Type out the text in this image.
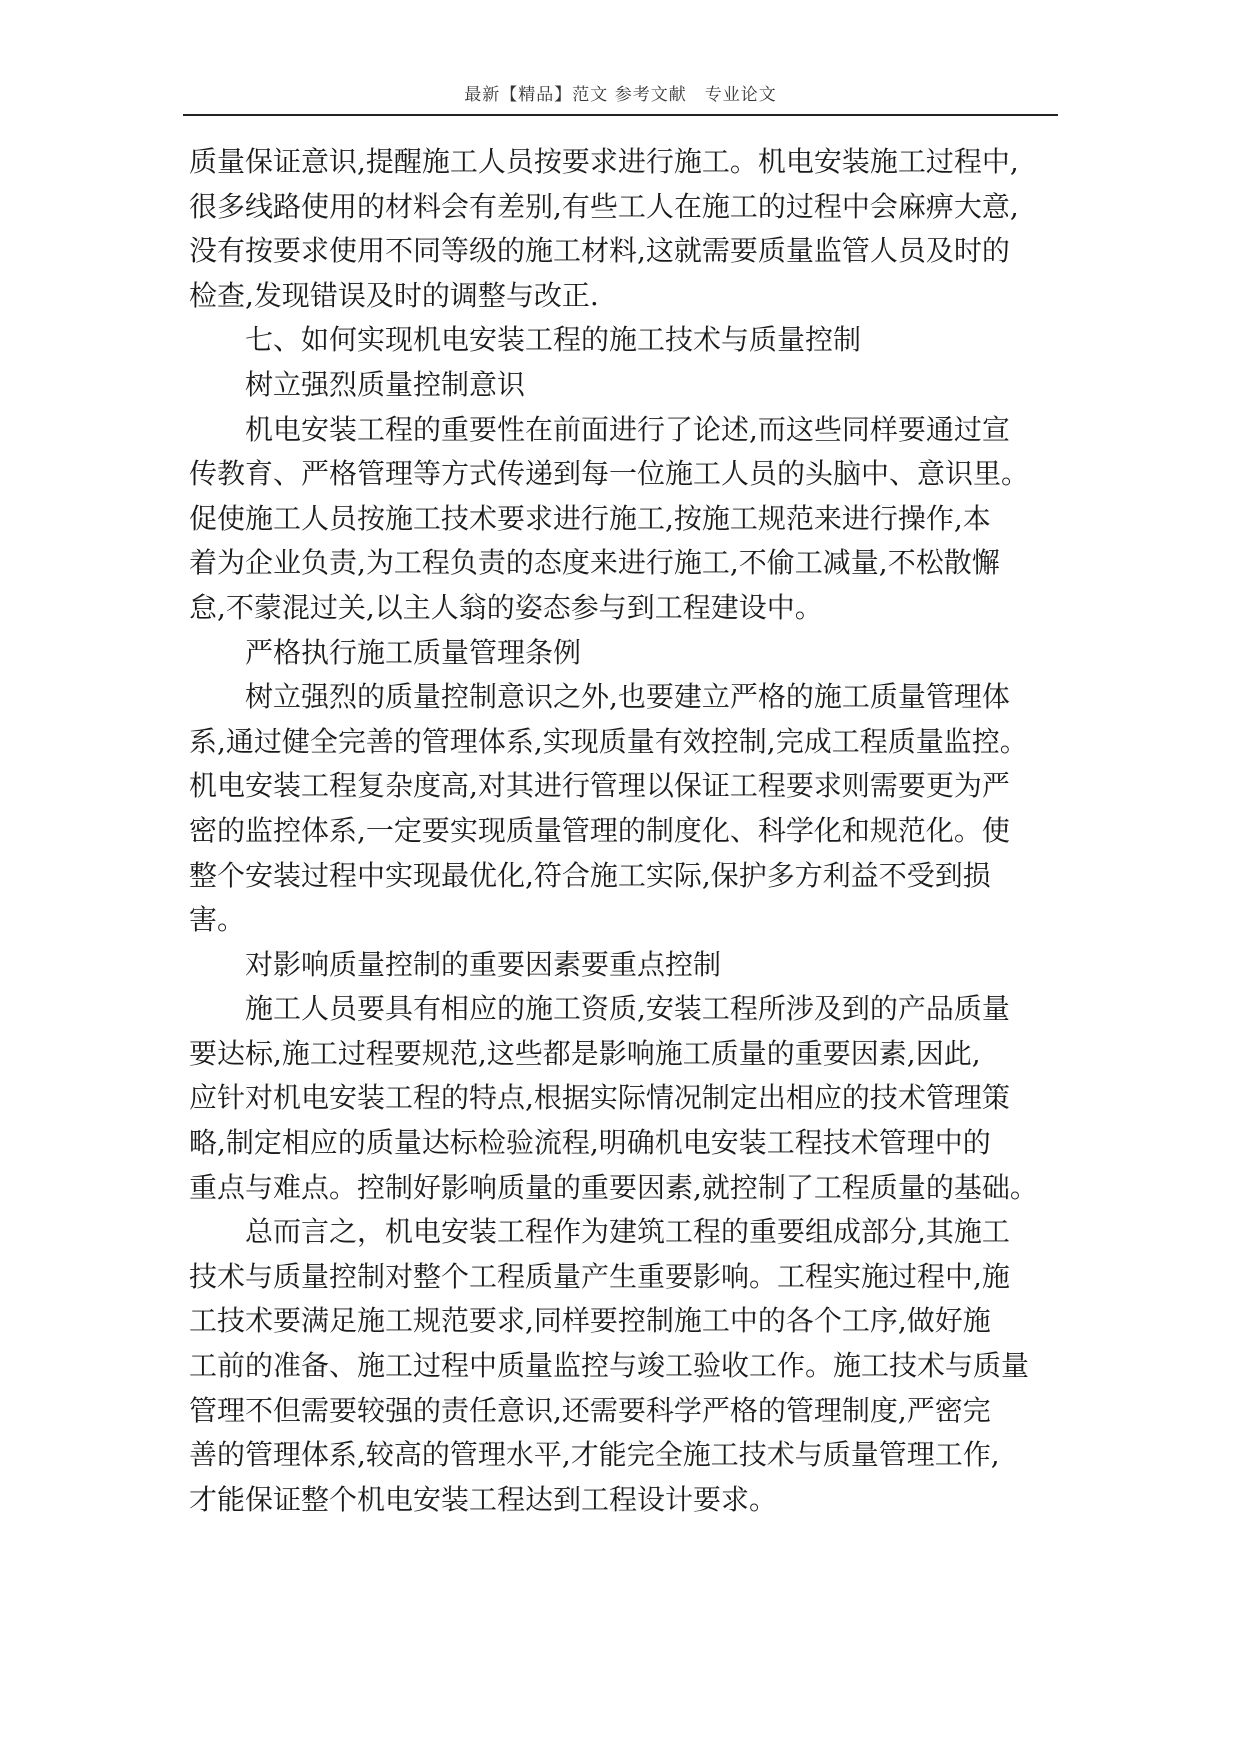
最新【精品】范文 参考文献　专业论文
质量保证意识,提醒施工人员按要求进行施工。机电安装施工过程中,
很多线路使用的材料会有差别,有些工人在施工的过程中会麻痹大意,
没有按要求使用不同等级的施工材料,这就需要质量监管人员及时的
检查,发现错误及时的调整与改正.
七、如何实现机电安装工程的施工技术与质量控制
树立强烈质量控制意识
机电安装工程的重要性在前面进行了论述,而这些同样要通过宣
传教育、严格管理等方式传递到每一位施工人员的头脑中、意识里。
促使施工人员按施工技术要求进行施工,按施工规范来进行操作,本
着为企业负责,为工程负责的态度来进行施工,不偷工减量,不松散懈
怠,不蒙混过关,以主人翁的姿态参与到工程建设中。
严格执行施工质量管理条例
树立强烈的质量控制意识之外,也要建立严格的施工质量管理体
系,通过健全完善的管理体系,实现质量有效控制,完成工程质量监控。
机电安装工程复杂度高,对其进行管理以保证工程要求则需要更为严
密的监控体系,一定要实现质量管理的制度化、科学化和规范化。使
整个安装过程中实现最优化,符合施工实际,保护多方利益不受到损
害。
对影响质量控制的重要因素要重点控制
施工人员要具有相应的施工资质,安装工程所涉及到的产品质量
要达标,施工过程要规范,这些都是影响施工质量的重要因素,因此,
应针对机电安装工程的特点,根据实际情况制定出相应的技术管理策
略,制定相应的质量达标检验流程,明确机电安装工程技术管理中的
重点与难点。控制好影响质量的重要因素,就控制了工程质量的基础。
总而言之，机电安装工程作为建筑工程的重要组成部分,其施工
技术与质量控制对整个工程质量产生重要影响。工程实施过程中,施
工技术要满足施工规范要求,同样要控制施工中的各个工序,做好施
工前的准备、施工过程中质量监控与竣工验收工作。施工技术与质量
管理不但需要较强的责任意识,还需要科学严格的管理制度,严密完
善的管理体系,较高的管理水平,才能完全施工技术与质量管理工作,
才能保证整个机电安装工程达到工程设计要求。
